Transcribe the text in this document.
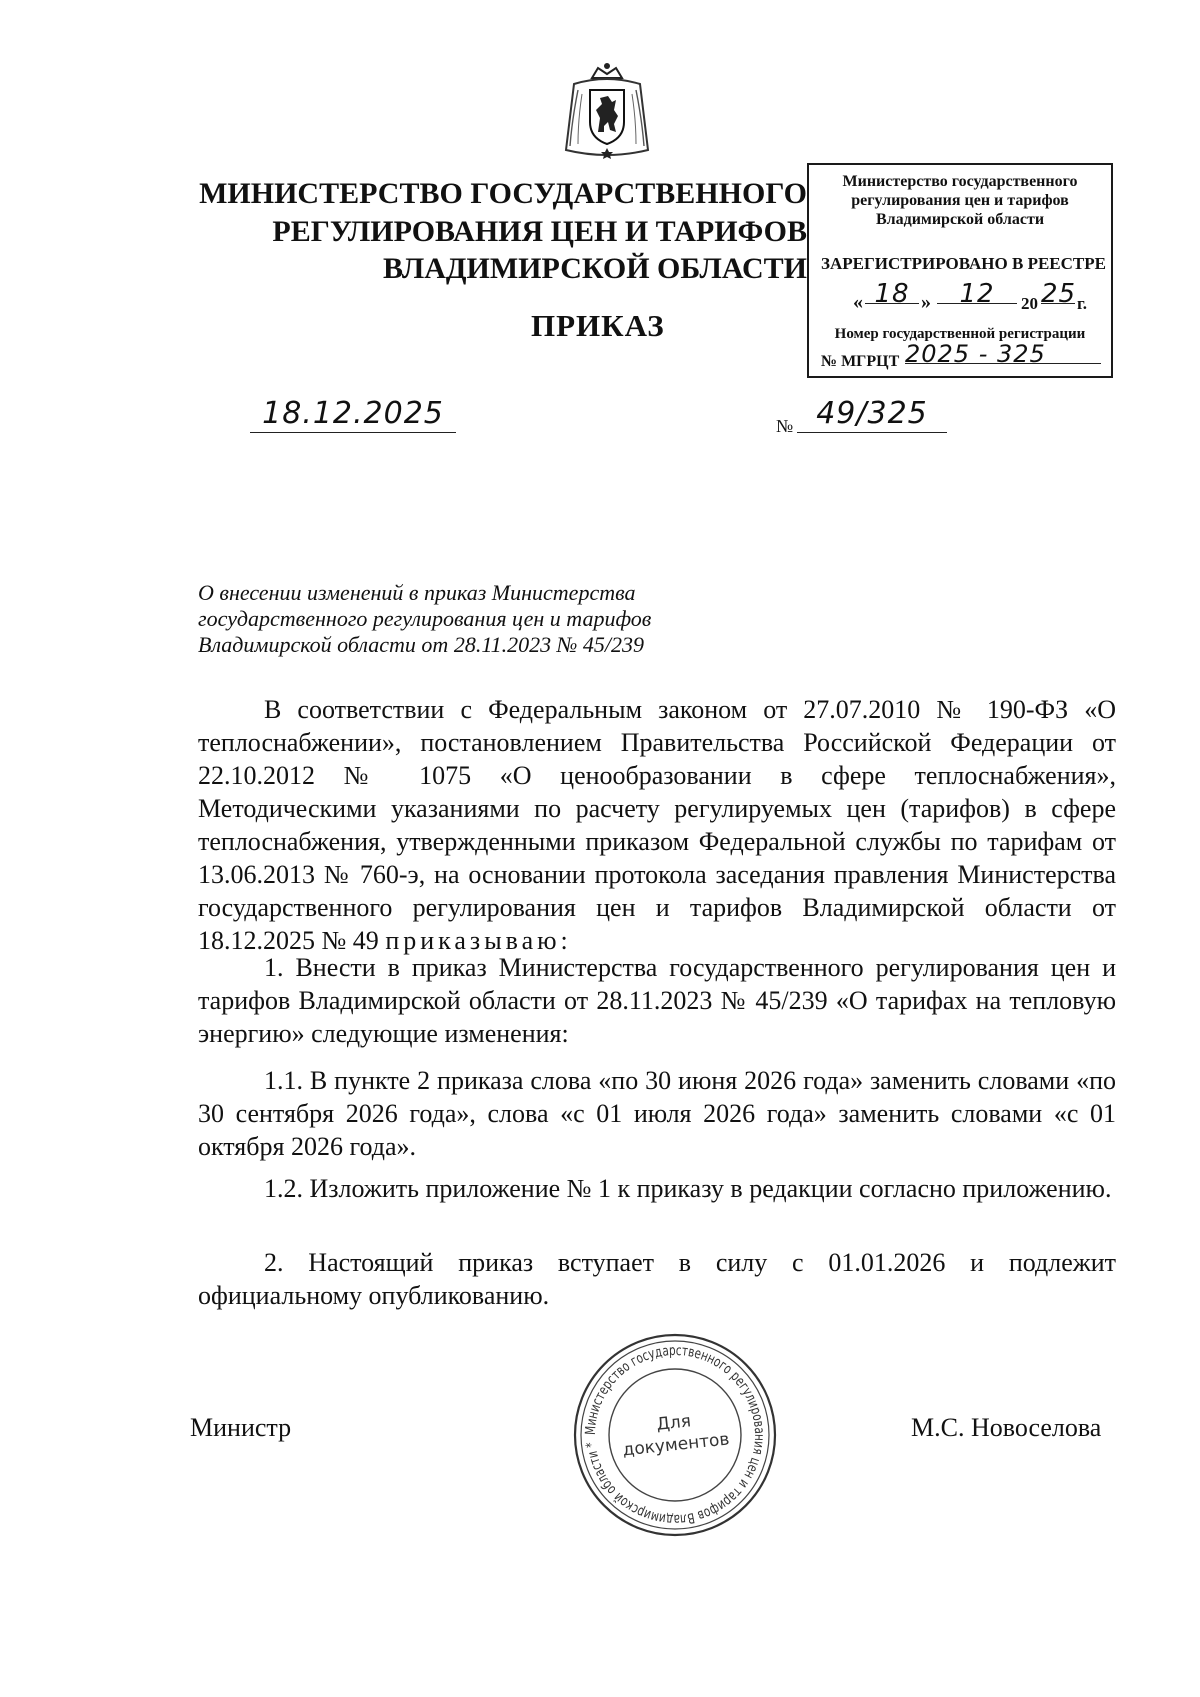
МИНИСТЕРСТВО ГОСУДАРСТВЕННОГО
РЕГУЛИРОВАНИЯ ЦЕН И ТАРИФОВ
ВЛАДИМИРСКОЙ ОБЛАСТИ
ПРИКАЗ
Министерство государственного
регулирования цен и тарифов
Владимирской области
ЗАРЕГИСТРИРОВАНО В РЕЕСТРЕ
« 18 »	12	20 25 г.
Номер государственной регистрации
№ МГРЦТ 2025 - 325
18.12.2025	№ 49/325
О внесении изменений в приказ Министерства
государственного регулирования цен и тарифов
Владимирской области от 28.11.2023 № 45/239
В соответствии с Федеральным законом от 27.07.2010 № 190-ФЗ «О теплоснабжении», постановлением Правительства Российской Федерации от 22.10.2012 № 1075 «О ценообразовании в сфере теплоснабжения», Методическими указаниями по расчету регулируемых цен (тарифов) в сфере теплоснабжения, утвержденными приказом Федеральной службы по тарифам от 13.06.2013 № 760-э, на основании протокола заседания правления Министерства государственного регулирования цен и тарифов Владимирской области от 18.12.2025 № 49 приказываю:
1. Внести в приказ Министерства государственного регулирования цен и тарифов Владимирской области от 28.11.2023 № 45/239 «О тарифах на тепловую энергию» следующие изменения:
1.1. В пункте 2 приказа слова «по 30 июня 2026 года» заменить словами «по 30 сентября 2026 года», слова «с 01 июля 2026 года» заменить словами «с 01 октября 2026 года».
1.2. Изложить приложение № 1 к приказу в редакции согласно приложению.
2. Настоящий приказ вступает в силу с 01.01.2026 и подлежит официальному опубликованию.
Министр	М.С. Новоселова
Министерство государственного регулирования цен и тарифов Владимирской области *
Для
документов
